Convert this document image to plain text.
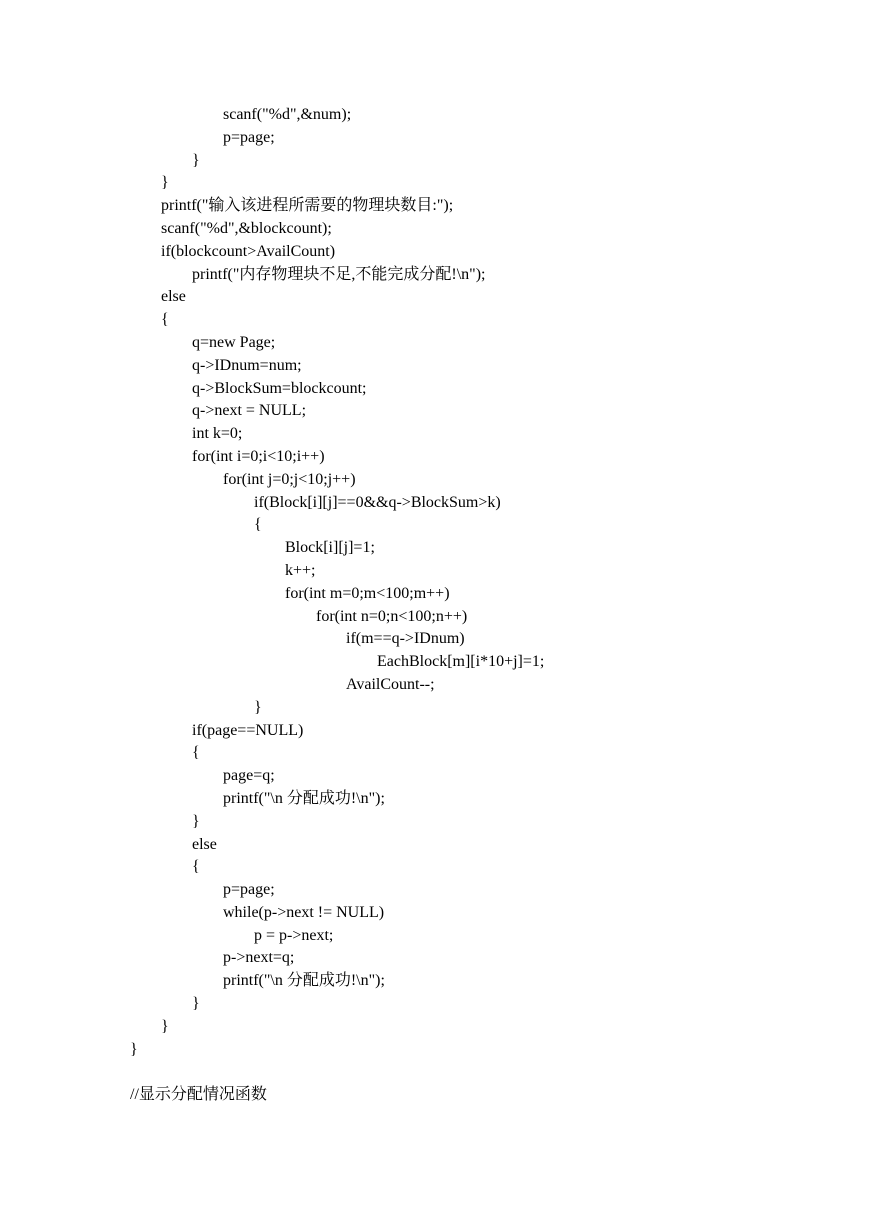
scanf("%d",&num);
p=page;
}
}
printf("输入该进程所需要的物理块数目:");
scanf("%d",&blockcount);
if(blockcount>AvailCount)
printf("内存物理块不足,不能完成分配!\n");
else
{
q=new Page;
q->IDnum=num;
q->BlockSum=blockcount;
q->next = NULL;
int k=0;
for(int i=0;i<10;i++)
for(int j=0;j<10;j++)
if(Block[i][j]==0&&q->BlockSum>k)
{
Block[i][j]=1;
k++;
for(int m=0;m<100;m++)
for(int n=0;n<100;n++)
if(m==q->IDnum)
EachBlock[m][i*10+j]=1;
AvailCount--;
}
if(page==NULL)
{
page=q;
printf("\n 分配成功!\n");
}
else
{
p=page;
while(p->next != NULL)
p = p->next;
p->next=q;
printf("\n 分配成功!\n");
}
}
}
//显示分配情况函数
